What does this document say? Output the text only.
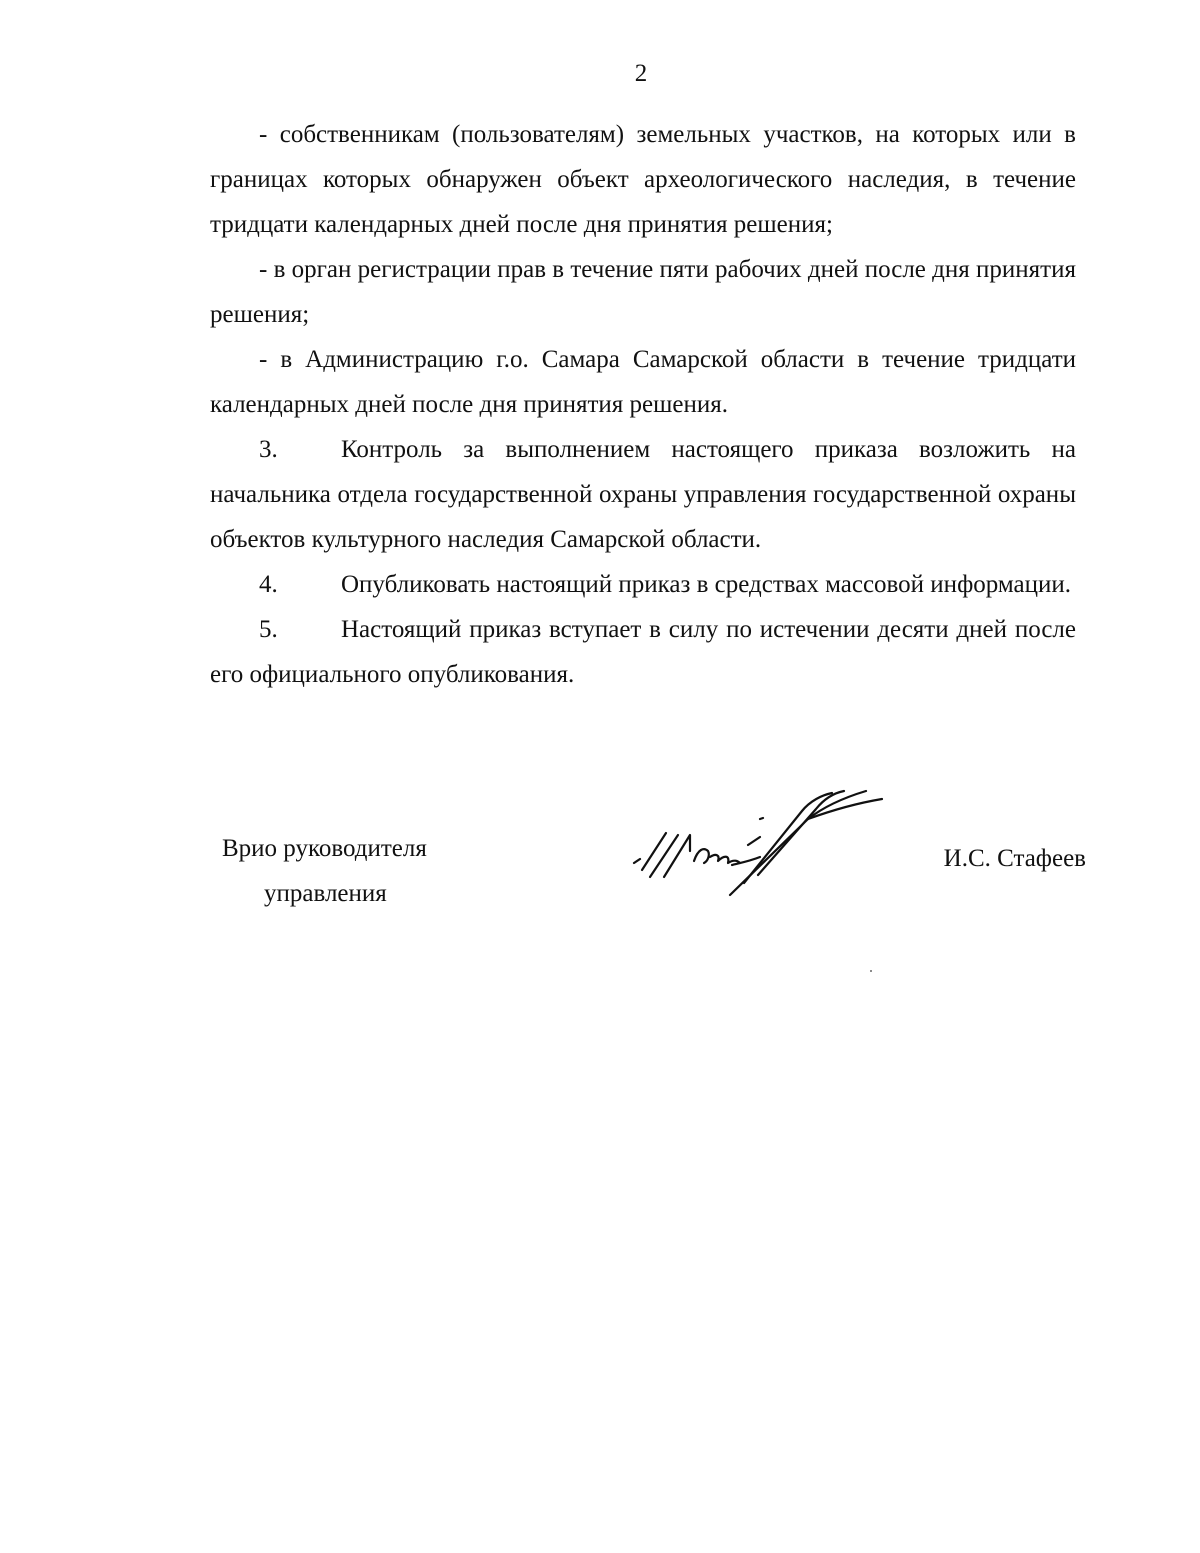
2

- собственникам (пользователям) земельных участков, на которых или в границах которых обнаружен объект археологического наследия, в течение тридцати календарных дней после дня принятия решения;

- в орган регистрации прав в течение пяти рабочих дней после дня принятия решения;

- в Администрацию г.о. Самара Самарской области в течение тридцати календарных дней после дня принятия решения.

3.	Контроль за выполнением настоящего приказа возложить на начальника отдела государственной охраны управления государственной охраны объектов культурного наследия Самарской области.

4.	Опубликовать настоящий приказ в средствах массовой информации.

5.	Настоящий приказ вступает в силу по истечении десяти дней после его официального опубликования.

Врио руководителя
управления
И.С. Стафеев
